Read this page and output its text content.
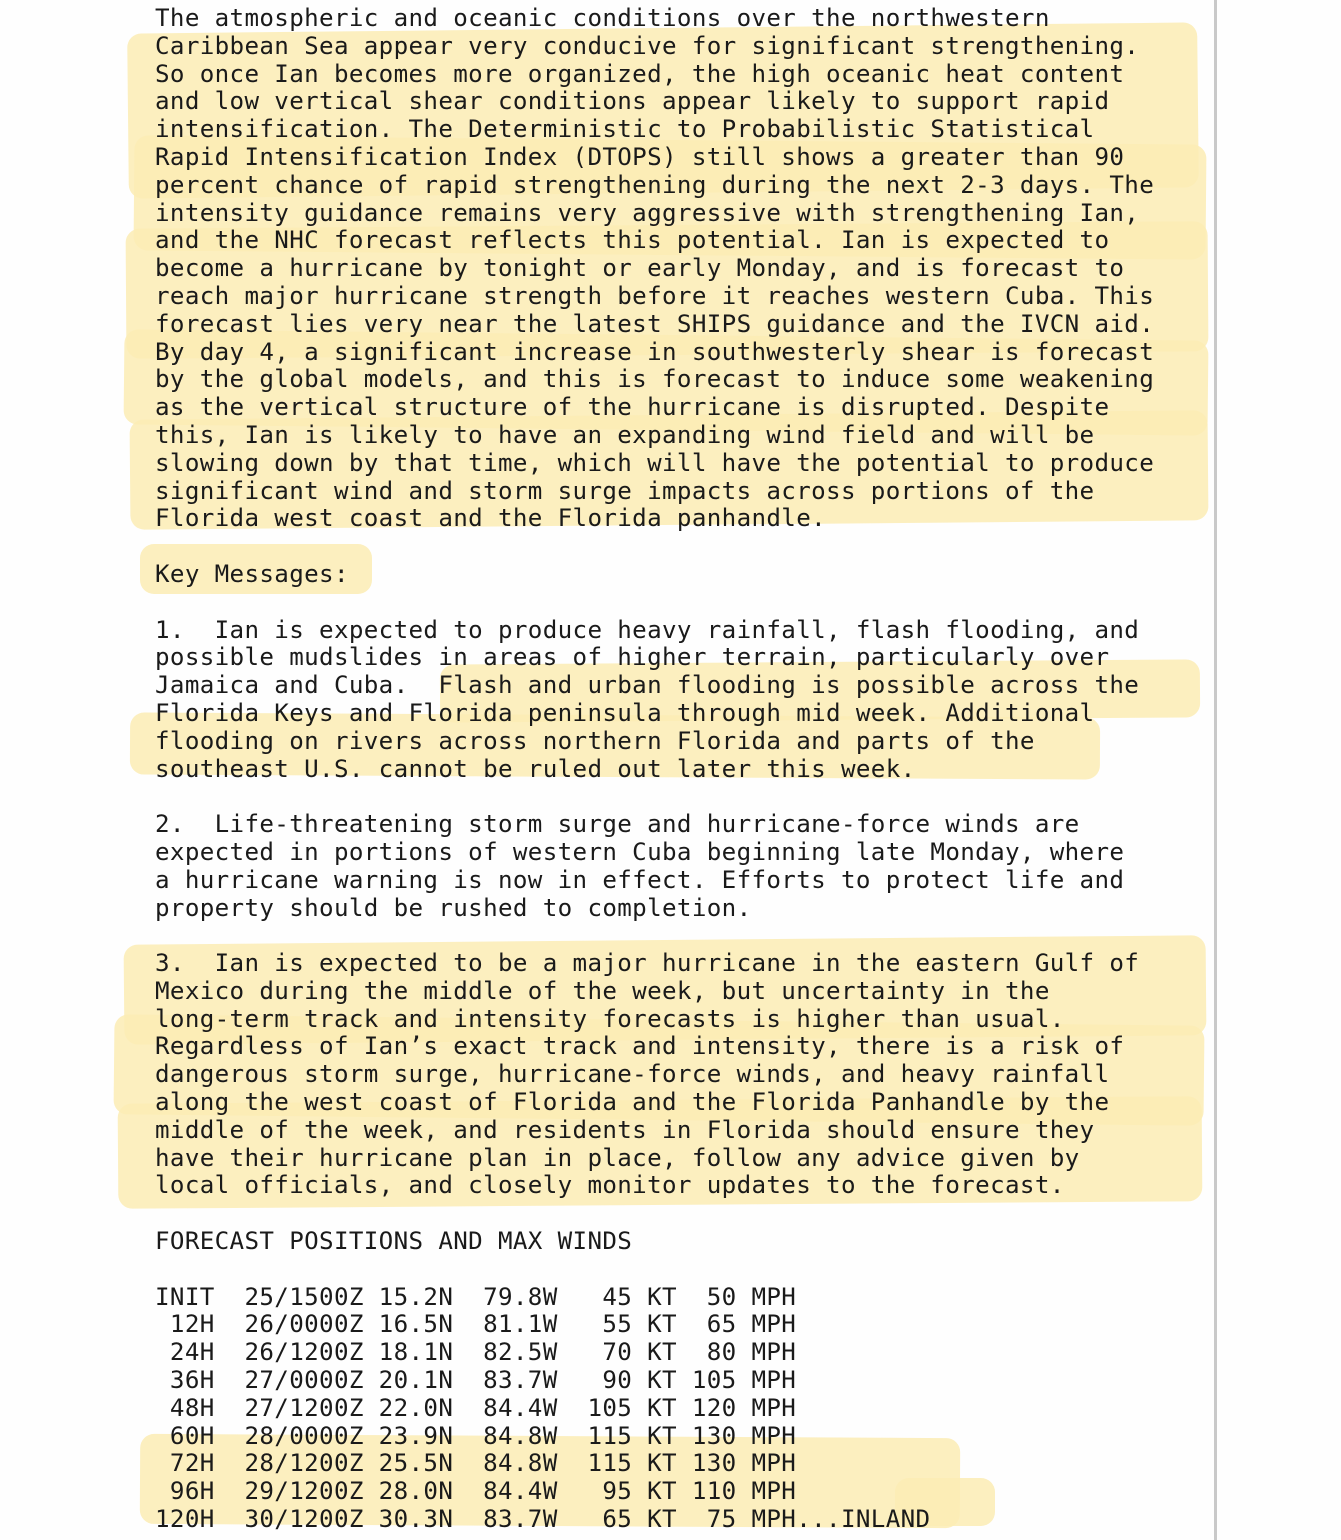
The atmospheric and oceanic conditions over the northwestern
Caribbean Sea appear very conducive for significant strengthening.
So once Ian becomes more organized, the high oceanic heat content
and low vertical shear conditions appear likely to support rapid
intensification. The Deterministic to Probabilistic Statistical
Rapid Intensification Index (DTOPS) still shows a greater than 90
percent chance of rapid strengthening during the next 2-3 days. The
intensity guidance remains very aggressive with strengthening Ian,
and the NHC forecast reflects this potential. Ian is expected to
become a hurricane by tonight or early Monday, and is forecast to
reach major hurricane strength before it reaches western Cuba. This
forecast lies very near the latest SHIPS guidance and the IVCN aid.
By day 4, a significant increase in southwesterly shear is forecast
by the global models, and this is forecast to induce some weakening
as the vertical structure of the hurricane is disrupted. Despite
this, Ian is likely to have an expanding wind field and will be
slowing down by that time, which will have the potential to produce
significant wind and storm surge impacts across portions of the
Florida west coast and the Florida panhandle.
Key Messages:
1.  Ian is expected to produce heavy rainfall, flash flooding, and
possible mudslides in areas of higher terrain, particularly over
Jamaica and Cuba.  Flash and urban flooding is possible across the
Florida Keys and Florida peninsula through mid week. Additional
flooding on rivers across northern Florida and parts of the
southeast U.S. cannot be ruled out later this week.
2.  Life-threatening storm surge and hurricane-force winds are
expected in portions of western Cuba beginning late Monday, where
a hurricane warning is now in effect. Efforts to protect life and
property should be rushed to completion.
3.  Ian is expected to be a major hurricane in the eastern Gulf of
Mexico during the middle of the week, but uncertainty in the
long-term track and intensity forecasts is higher than usual.
Regardless of Ian’s exact track and intensity, there is a risk of
dangerous storm surge, hurricane-force winds, and heavy rainfall
along the west coast of Florida and the Florida Panhandle by the
middle of the week, and residents in Florida should ensure they
have their hurricane plan in place, follow any advice given by
local officials, and closely monitor updates to the forecast.
FORECAST POSITIONS AND MAX WINDS
INIT  25/1500Z 15.2N  79.8W   45 KT  50 MPH
12H  26/0000Z 16.5N  81.1W   55 KT  65 MPH
24H  26/1200Z 18.1N  82.5W   70 KT  80 MPH
36H  27/0000Z 20.1N  83.7W   90 KT 105 MPH
48H  27/1200Z 22.0N  84.4W  105 KT 120 MPH
60H  28/0000Z 23.9N  84.8W  115 KT 130 MPH
72H  28/1200Z 25.5N  84.8W  115 KT 130 MPH
96H  29/1200Z 28.0N  84.4W   95 KT 110 MPH
120H  30/1200Z 30.3N  83.7W   65 KT  75 MPH...INLAND
